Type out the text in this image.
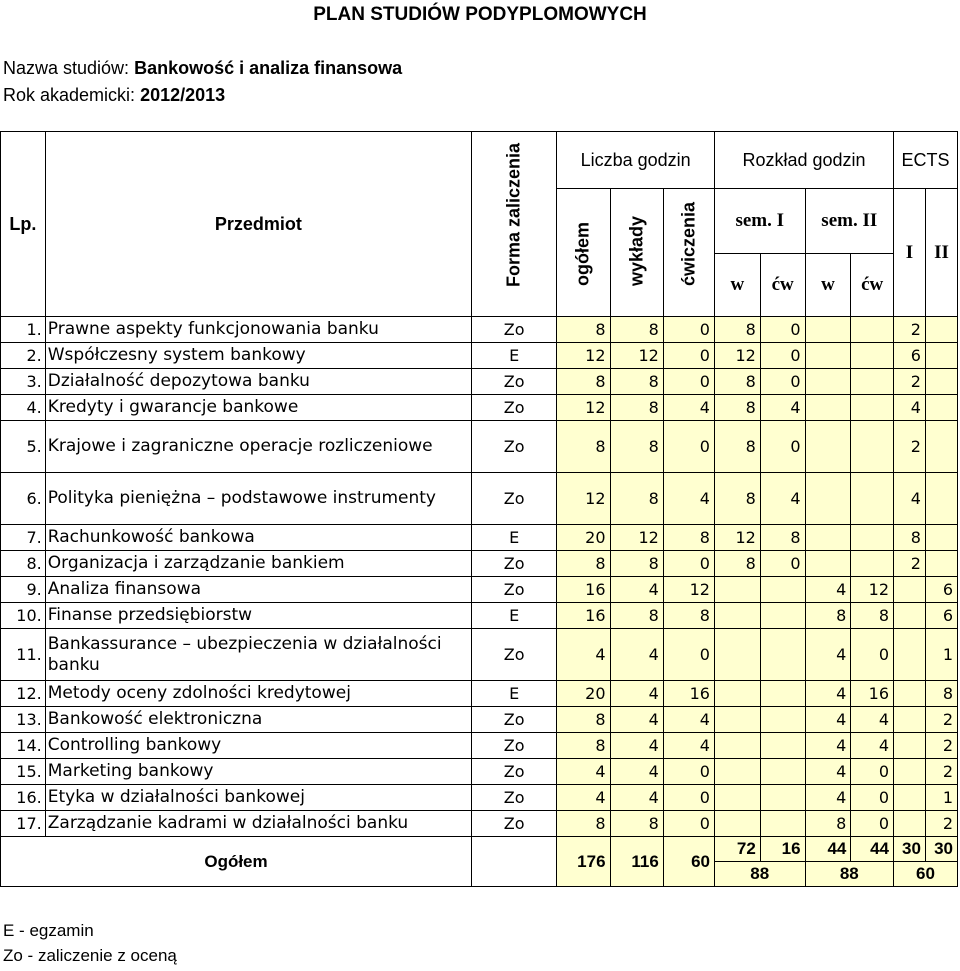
PLAN STUDIÓW PODYPLOMOWYCH
Nazwa studiów: Bankowość i analiza finansowa
Rok akademicki: 2012/2013
Lp.	Przedmiot	Forma zaliczenia	Liczba godzin			Rozkład godzin				ECTS	

			ogółem	wykłady	ćwiczenia	sem. I		sem. II		I	II
						w	ćw	w	ćw		
1.	Prawne aspekty funkcjonowania banku	Zo	8	8	0	8	0			2	
2.	Współczesny system bankowy	E	12	12	0	12	0			6	
3.	Działalność depozytowa banku	Zo	8	8	0	8	0			2	
4.	Kredyty i gwarancje bankowe	Zo	12	8	4	8	4			4	
5.	Krajowe i zagraniczne operacje rozliczeniowe	Zo	8	8	0	8	0			2	
6.	Polityka pieniężna – podstawowe instrumenty	Zo	12	8	4	8	4			4	
7.	Rachunkowość bankowa	E	20	12	8	12	8			8	
8.	Organizacja i zarządzanie bankiem	Zo	8	8	0	8	0			2	
9.	Analiza finansowa	Zo	16	4	12			4	12		6
10.	Finanse przedsiębiorstw	E	16	8	8			8	8		6
11.	Bankassurance – ubezpieczenia w działalności banku	Zo	4	4	0			4	0		1
12.	Metody oceny zdolności kredytowej	E	20	4	16			4	16		8
13.	Bankowość elektroniczna	Zo	8	4	4			4	4		2
14.	Controlling bankowy	Zo	8	4	4			4	4		2
15.	Marketing bankowy	Zo	4	4	0			4	0		2
16.	Etyka w działalności bankowej	Zo	4	4	0			4	0		1
17.	Zarządzanie kadrami w działalności banku	Zo	8	8	0			8	0		2
Ogółem			176	116	60	72	16	44	44	30	30
						88		88		60	
E - egzamin
Zo - zaliczenie z oceną
